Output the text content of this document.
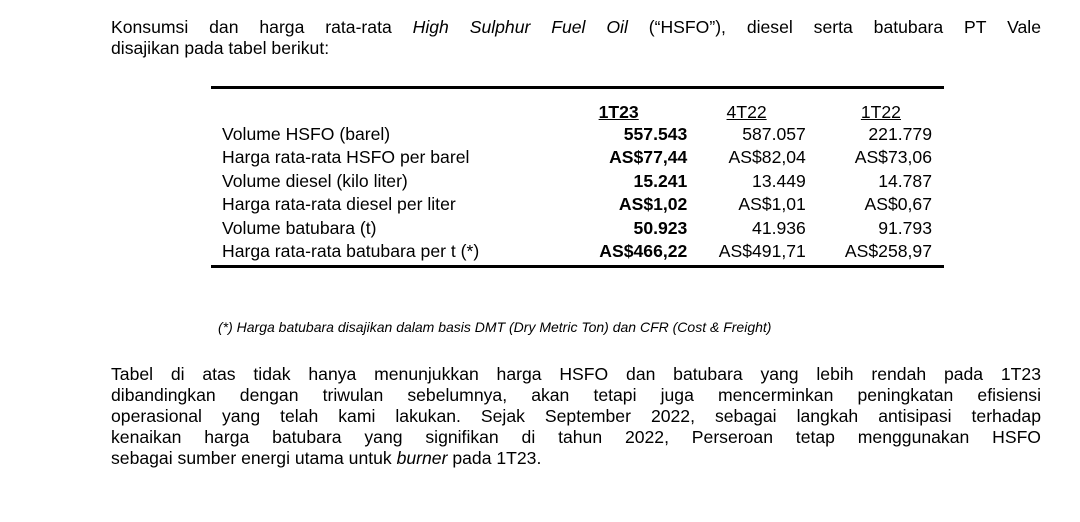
Konsumsi dan harga rata-rata High Sulphur Fuel Oil (“HSFO”), diesel serta batubara PT Vale
disajikan pada tabel berikut:
	1T23	4T22	1T22
Volume HSFO (barel)	557.543	587.057	221.779
Harga rata-rata HSFO per barel	AS$77,44	AS$82,04	AS$73,06
Volume diesel (kilo liter)	15.241	13.449	14.787
Harga rata-rata diesel per liter	AS$1,02	AS$1,01	AS$0,67
Volume batubara (t)	50.923	41.936	91.793
Harga rata-rata batubara per t (*)	AS$466,22	AS$491,71	AS$258,97
(*) Harga batubara disajikan dalam basis DMT (Dry Metric Ton) dan CFR (Cost & Freight)
Tabel di atas tidak hanya menunjukkan harga HSFO dan batubara yang lebih rendah pada 1T23
dibandingkan dengan triwulan sebelumnya, akan tetapi juga mencerminkan peningkatan efisiensi
operasional yang telah kami lakukan. Sejak September 2022, sebagai langkah antisipasi terhadap
kenaikan harga batubara yang signifikan di tahun 2022, Perseroan tetap menggunakan HSFO
sebagai sumber energi utama untuk burner pada 1T23.
